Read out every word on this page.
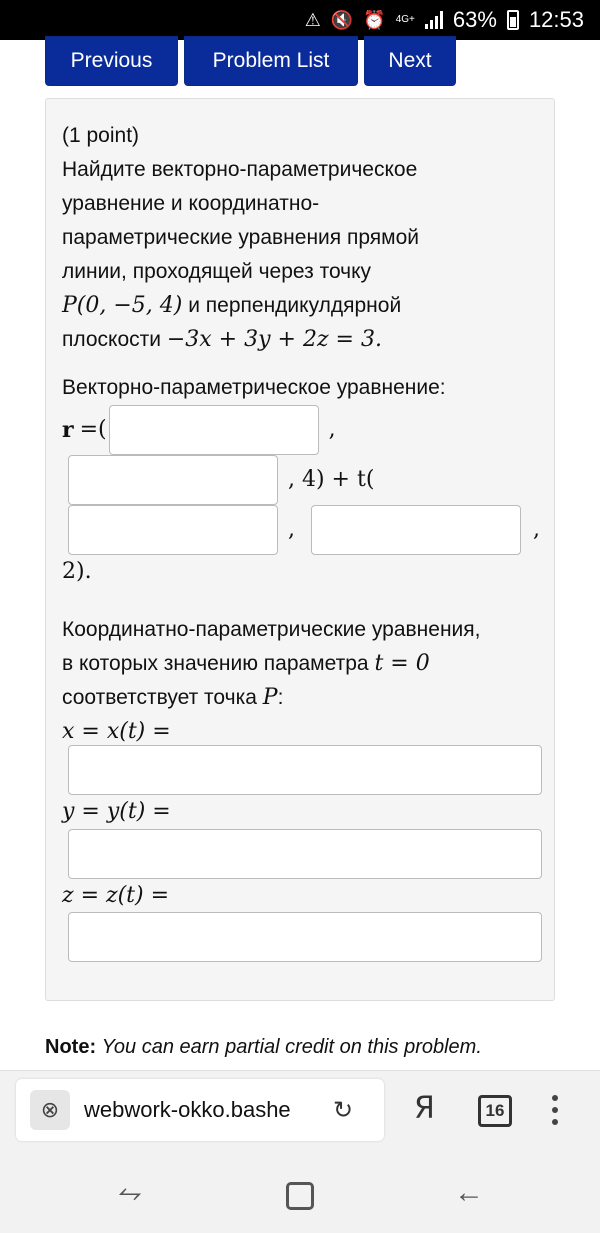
⚠ 🔇 ⏰ 4G+ 63% 12:53
Previous	Problem List	Next
(1 point)
Найдите векторно-параметрическое
уравнение и координатно-
параметрические уравнения прямой
линии, проходящей через точку
P(0, −5, 4) и перпендикулдярной
плоскости −3x + 3y + 2z = 3.
Векторно-параметрическое уравнение:
r =(	,
, 4) + t(
,	,
2).
Координатно-параметрические уравнения,
в которых значению параметра t = 0
соответствует точка P:
x = x(t) =
y = y(t) =
z = z(t) =
Note: You can earn partial credit on this problem.
⊗	webwork-okko.bashe	↻ Я	16
⥊	←
